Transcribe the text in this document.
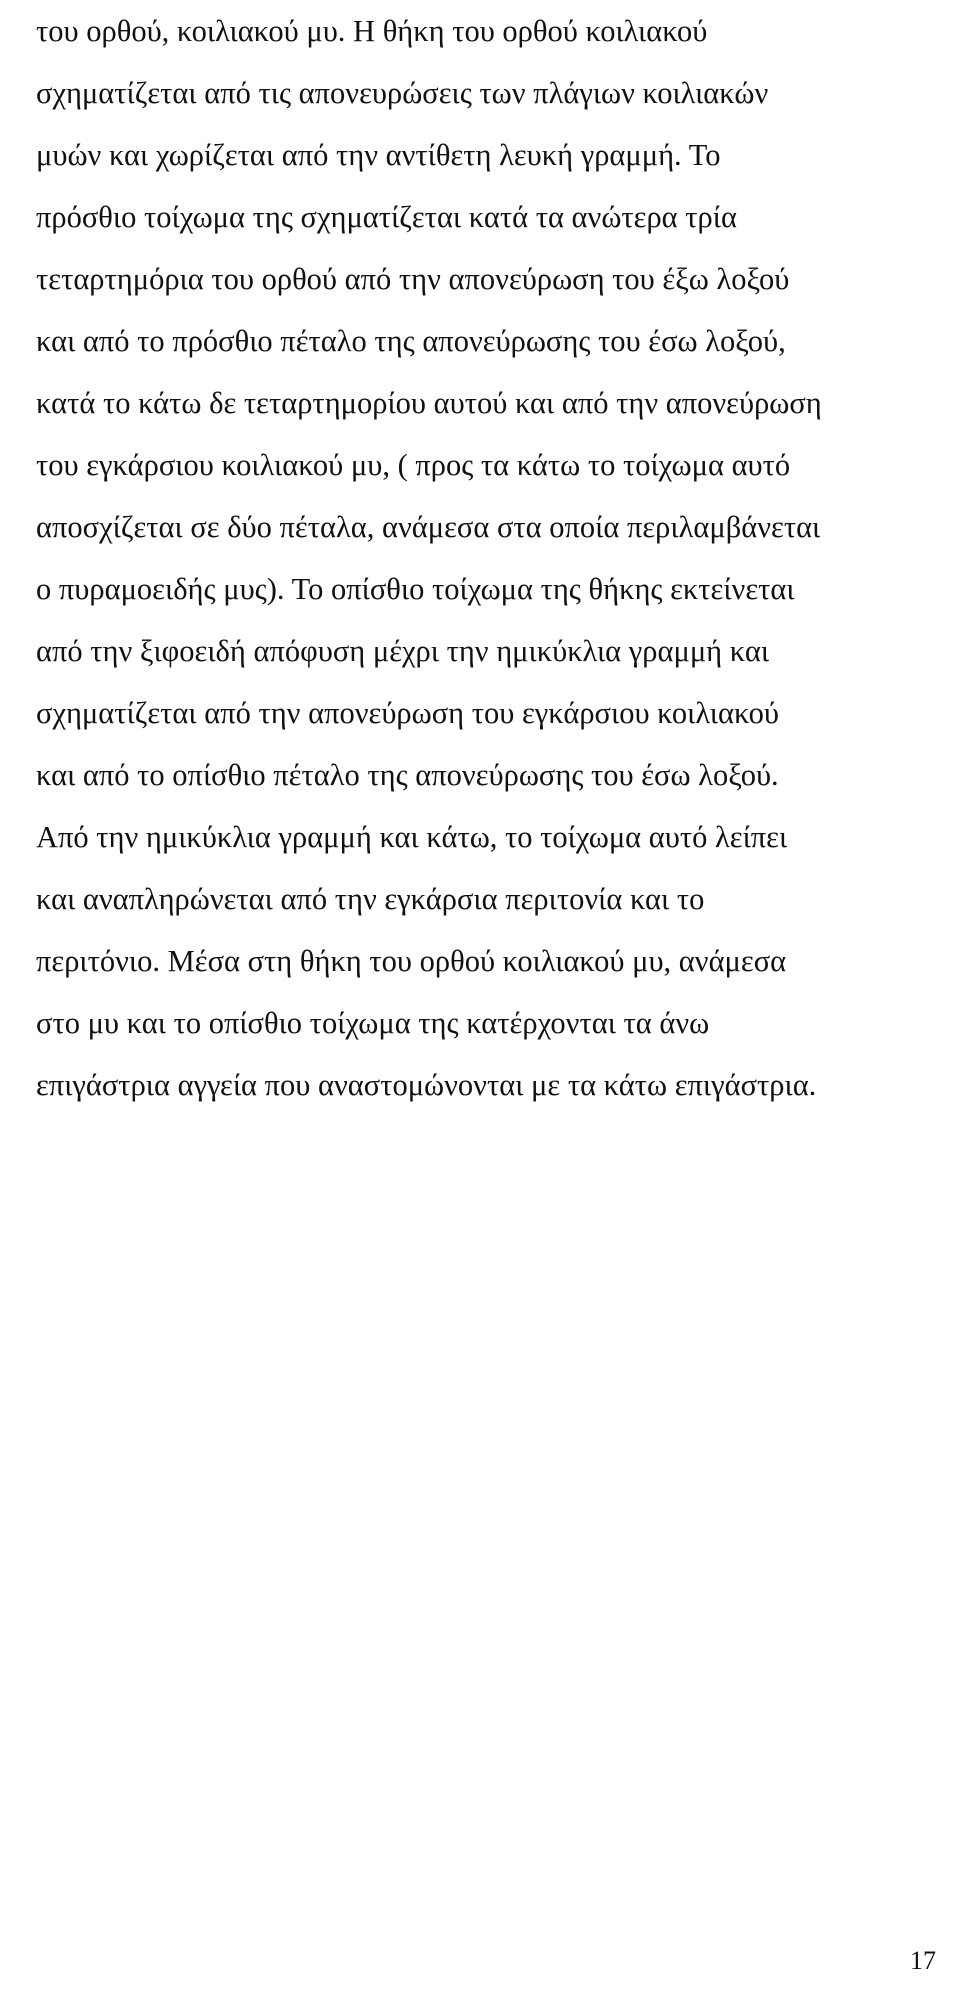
του ορθού, κοιλιακού μυ. Η θήκη του ορθού κοιλιακού
σχηματίζεται από τις απονευρώσεις των πλάγιων κοιλιακών
μυών και χωρίζεται από την αντίθετη λευκή γραμμή. Το
πρόσθιο τοίχωμα της σχηματίζεται κατά τα ανώτερα τρία
τεταρτημόρια του ορθού από την απονεύρωση του έξω λοξού
και από το πρόσθιο πέταλο της απονεύρωσης του έσω λοξού,
κατά το κάτω δε τεταρτημορίου αυτού και από την απονεύρωση
του εγκάρσιου κοιλιακού μυ, ( προς τα κάτω το τοίχωμα αυτό
αποσχίζεται σε δύο πέταλα, ανάμεσα στα οποία περιλαμβάνεται
ο πυραμοειδής μυς). Το οπίσθιο τοίχωμα της θήκης εκτείνεται
από την ξιφοειδή απόφυση μέχρι την ημικύκλια γραμμή και
σχηματίζεται από την απονεύρωση του εγκάρσιου κοιλιακού
και από το οπίσθιο πέταλο της απονεύρωσης του έσω λοξού.
Από την ημικύκλια γραμμή και κάτω, το τοίχωμα αυτό λείπει
και αναπληρώνεται από την εγκάρσια περιτονία και το
περιτόνιο. Μέσα στη θήκη του ορθού κοιλιακού μυ, ανάμεσα
στο μυ και το οπίσθιο τοίχωμα της κατέρχονται τα άνω
επιγάστρια αγγεία που αναστομώνονται με τα κάτω επιγάστρια.

17
